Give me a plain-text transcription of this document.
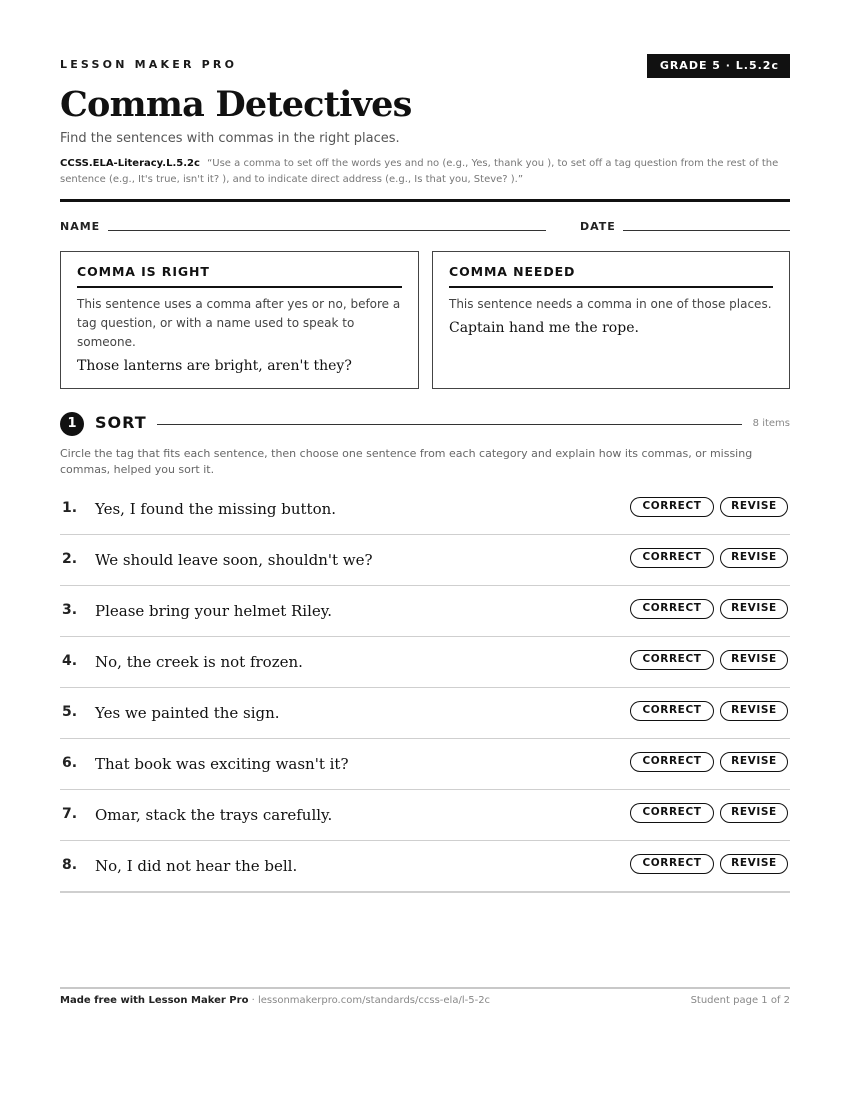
LESSON MAKER PRO	GRADE 5 · L.5.2c
Comma Detectives
Find the sentences with commas in the right places.
CCSS.ELA-Literacy.L.5.2c “Use a comma to set off the words yes and no (e.g., Yes, thank you ), to set off a tag question from the rest of the sentence (e.g., It's true, isn't it? ), and to indicate direct address (e.g., Is that you, Steve? ).”
NAME	DATE
COMMA IS RIGHT
This sentence uses a comma after yes or no, before a tag question, or with a name used to speak to someone.
Those lanterns are bright, aren't they?
COMMA NEEDED
This sentence needs a comma in one of those places.
Captain hand me the rope.
1	SORT	8 items
Circle the tag that fits each sentence, then choose one sentence from each category and explain how its commas, or missing commas, helped you sort it.
1. Yes, I found the missing button.	CORRECT	REVISE
2. We should leave soon, shouldn't we?	CORRECT	REVISE
3. Please bring your helmet Riley.	CORRECT	REVISE
4. No, the creek is not frozen.	CORRECT	REVISE
5. Yes we painted the sign.	CORRECT	REVISE
6. That book was exciting wasn't it?	CORRECT	REVISE
7. Omar, stack the trays carefully.	CORRECT	REVISE
8. No, I did not hear the bell.	CORRECT	REVISE
Made free with Lesson Maker Pro · lessonmakerpro.com/standards/ccss-ela/l-5-2c	Student page 1 of 2
